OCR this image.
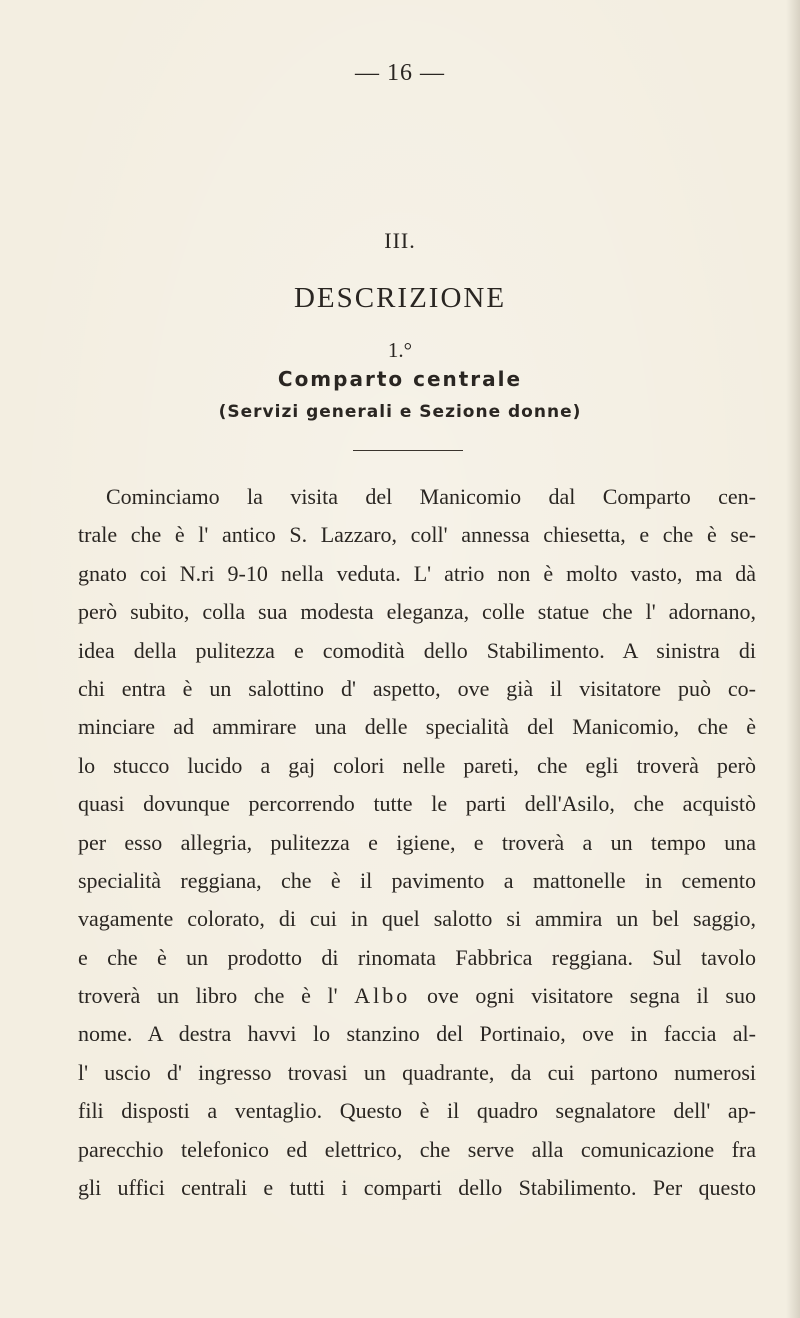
— 16 —
III.
DESCRIZIONE
1.°
Comparto centrale
(Servizi generali e Sezione donne)
Cominciamo la visita del Manicomio dal Comparto cen-
trale che è l' antico S. Lazzaro, coll' annessa chiesetta, e che è se-
gnato coi N.ri 9-10 nella veduta. L' atrio non è molto vasto, ma dà
però subito, colla sua modesta eleganza, colle statue che l' adornano,
idea della pulitezza e comodità dello Stabilimento. A sinistra di
chi entra è un salottino d' aspetto, ove già il visitatore può co-
minciare ad ammirare una delle specialità del Manicomio, che è
lo stucco lucido a gaj colori nelle pareti, che egli troverà però
quasi dovunque percorrendo tutte le parti dell'Asilo, che acquistò
per esso allegria, pulitezza e igiene, e troverà a un tempo una
specialità reggiana, che è il pavimento a mattonelle in cemento
vagamente colorato, di cui in quel salotto si ammira un bel saggio,
e che è un prodotto di rinomata Fabbrica reggiana. Sul tavolo
troverà un libro che è l' Albo ove ogni visitatore segna il suo
nome. A destra havvi lo stanzino del Portinaio, ove in faccia al-
l' uscio d' ingresso trovasi un quadrante, da cui partono numerosi
fili disposti a ventaglio. Questo è il quadro segnalatore dell' ap-
parecchio telefonico ed elettrico, che serve alla comunicazione fra
gli uffici centrali e tutti i comparti dello Stabilimento. Per questo
